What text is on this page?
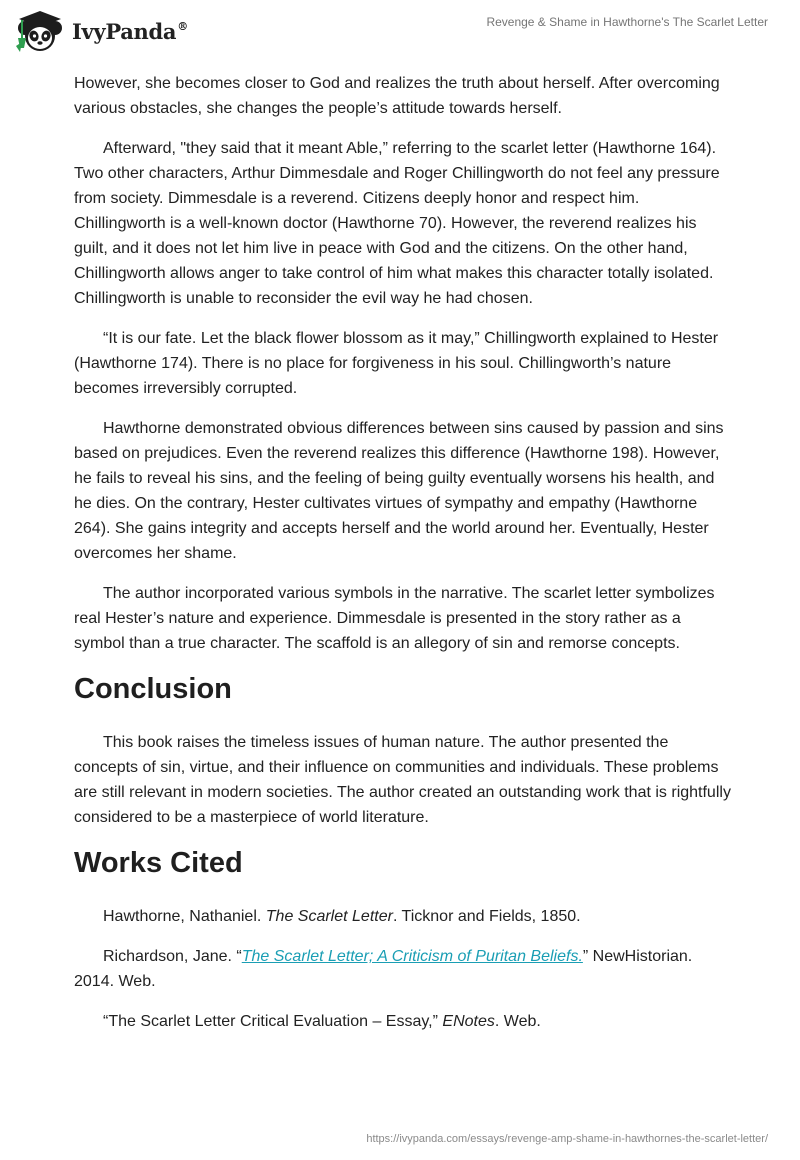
IvyPanda®	Revenge & Shame in Hawthorne's The Scarlet Letter

However, she becomes closer to God and realizes the truth about herself. After overcoming various obstacles, she changes the people’s attitude towards herself.

Afterward, "they said that it meant Able,” referring to the scarlet letter (Hawthorne 164). Two other characters, Arthur Dimmesdale and Roger Chillingworth do not feel any pressure from society. Dimmesdale is a reverend. Citizens deeply honor and respect him. Chillingworth is a well-known doctor (Hawthorne 70). However, the reverend realizes his guilt, and it does not let him live in peace with God and the citizens. On the other hand, Chillingworth allows anger to take control of him what makes this character totally isolated. Chillingworth is unable to reconsider the evil way he had chosen.

“It is our fate. Let the black flower blossom as it may,” Chillingworth explained to Hester (Hawthorne 174). There is no place for forgiveness in his soul. Chillingworth’s nature becomes irreversibly corrupted.

Hawthorne demonstrated obvious differences between sins caused by passion and sins based on prejudices. Even the reverend realizes this difference (Hawthorne 198). However, he fails to reveal his sins, and the feeling of being guilty eventually worsens his health, and he dies. On the contrary, Hester cultivates virtues of sympathy and empathy (Hawthorne 264). She gains integrity and accepts herself and the world around her. Eventually, Hester overcomes her shame.

The author incorporated various symbols in the narrative. The scarlet letter symbolizes real Hester’s nature and experience. Dimmesdale is presented in the story rather as a symbol than a true character. The scaffold is an allegory of sin and remorse concepts.

Conclusion

This book raises the timeless issues of human nature. The author presented the concepts of sin, virtue, and their influence on communities and individuals. These problems are still relevant in modern societies. The author created an outstanding work that is rightfully considered to be a masterpiece of world literature.

Works Cited

Hawthorne, Nathaniel. The Scarlet Letter. Ticknor and Fields, 1850.

Richardson, Jane. “The Scarlet Letter; A Criticism of Puritan Beliefs.” NewHistorian. 2014. Web.

“The Scarlet Letter Critical Evaluation – Essay,” ENotes. Web.

https://ivypanda.com/essays/revenge-amp-shame-in-hawthornes-the-scarlet-letter/
